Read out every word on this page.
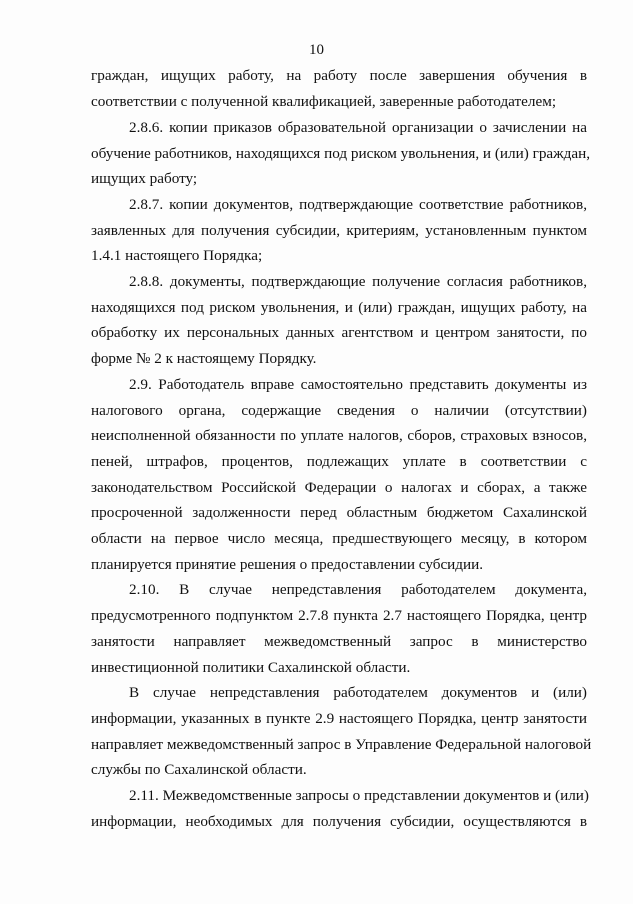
10
граждан, ищущих работу, на работу после завершения обучения в
соответствии с полученной квалификацией, заверенные работодателем;
2.8.6. копии приказов образовательной организации о зачислении на
обучение работников, находящихся под риском увольнения, и (или) граждан,
ищущих работу;
2.8.7. копии документов, подтверждающие соответствие работников,
заявленных для получения субсидии, критериям, установленным пунктом
1.4.1 настоящего Порядка;
2.8.8. документы, подтверждающие получение согласия работников,
находящихся под риском увольнения, и (или) граждан, ищущих работу, на
обработку их персональных данных агентством и центром занятости, по
форме № 2 к настоящему Порядку.
2.9. Работодатель вправе самостоятельно представить документы из
налогового органа, содержащие сведения о наличии (отсутствии)
неисполненной обязанности по уплате налогов, сборов, страховых взносов,
пеней, штрафов, процентов, подлежащих уплате в соответствии с
законодательством Российской Федерации о налогах и сборах, а также
просроченной задолженности перед областным бюджетом Сахалинской
области на первое число месяца, предшествующего месяцу, в котором
планируется принятие решения о предоставлении субсидии.
2.10. В случае непредставления работодателем документа,
предусмотренного подпунктом 2.7.8 пункта 2.7 настоящего Порядка, центр
занятости направляет межведомственный запрос в министерство
инвестиционной политики Сахалинской области.
В случае непредставления работодателем документов и (или)
информации, указанных в пункте 2.9 настоящего Порядка, центр занятости
направляет межведомственный запрос в Управление Федеральной налоговой
службы по Сахалинской области.
2.11. Межведомственные запросы о представлении документов и (или)
информации, необходимых для получения субсидии, осуществляются в
